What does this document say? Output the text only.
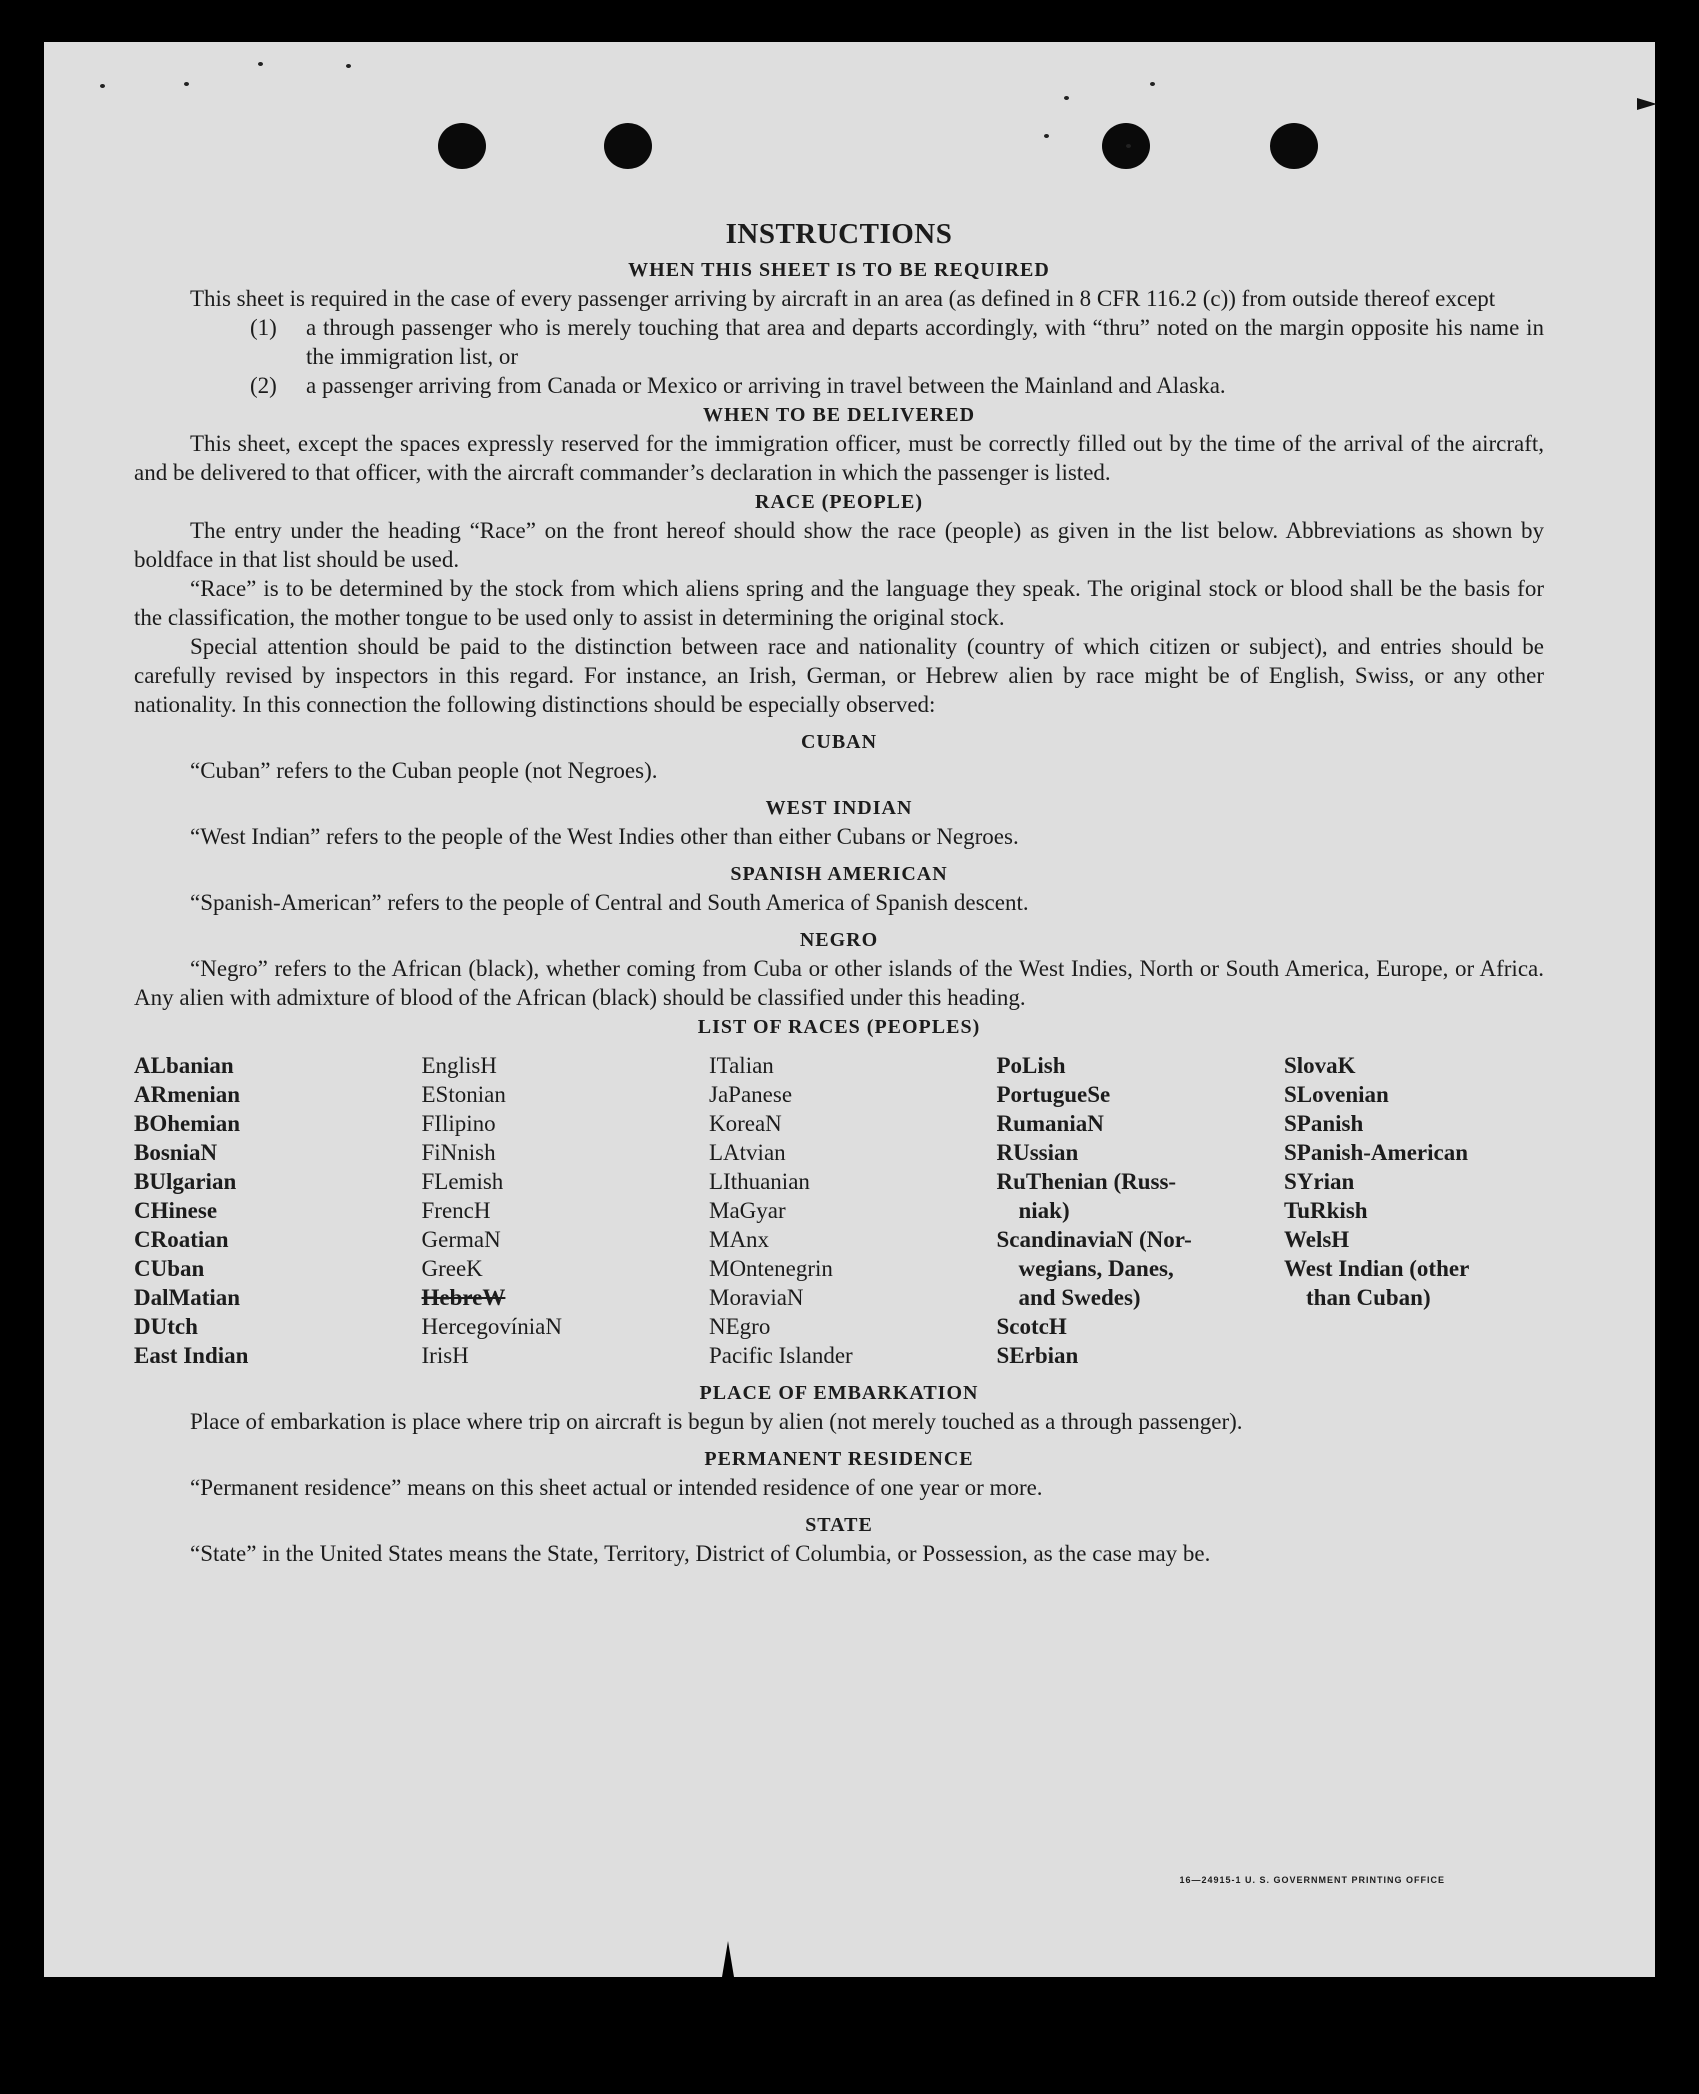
INSTRUCTIONS
WHEN THIS SHEET IS TO BE REQUIRED

This sheet is required in the case of every passenger arriving by aircraft in an area (as defined in 8 CFR 116.2 (c)) from outside thereof except

(1)	a through passenger who is merely touching that area and departs accordingly, with “thru” noted on the margin opposite his name in the immigration list, or
(2)	a passenger arriving from Canada or Mexico or arriving in travel between the Mainland and Alaska.
WHEN TO BE DELIVERED

This sheet, except the spaces expressly reserved for the immigration officer, must be correctly filled out by the time of the arrival of the aircraft, and be delivered to that officer, with the aircraft commander’s declaration in which the passenger is listed.

RACE (PEOPLE)

The entry under the heading “Race” on the front hereof should show the race (people) as given in the list below. Abbreviations as shown by boldface in that list should be used.

“Race” is to be determined by the stock from which aliens spring and the language they speak. The original stock or blood shall be the basis for the classification, the mother tongue to be used only to assist in determining the original stock.

Special attention should be paid to the distinction between race and nationality (country of which citizen or subject), and entries should be carefully revised by inspectors in this regard. For instance, an Irish, German, or Hebrew alien by race might be of English, Swiss, or any other nationality. In this connection the following distinctions should be especially observed:

CUBAN

“Cuban” refers to the Cuban people (not Negroes).

WEST INDIAN

“West Indian” refers to the people of the West Indies other than either Cubans or Negroes.

SPANISH AMERICAN

“Spanish-American” refers to the people of Central and South America of Spanish descent.

NEGRO

“Negro” refers to the African (black), whether coming from Cuba or other islands of the West Indies, North or South America, Europe, or Africa. Any alien with admixture of blood of the African (black) should be classified under this heading.

LIST OF RACES (PEOPLES)
ALbanian
ARmenian
BOhemian
BosniaN
BUlgarian
CHinese
CRoatian
CUban
DalMatian
DUtch
East Indian
EnglisH
EStonian
FIlipino
FiNnish
FLemish
FrencH
GermaN
GreeK
HebreW
HercegovíniaN
IrisH
ITalian
JaPanese
KoreaN
LAtvian
LIthuanian
MaGyar
MAnx
MOntenegrin
MoraviaN
NEgro
Pacific Islander
PoLish
PortugueSe
RumaniaN
RUssian
RuThenian (Russ-
niak)
ScandinaviaN (Nor-
wegians, Danes,
and Swedes)
ScotcH
SErbian
SlovaK
SLovenian
SPanish
SPanish-American
SYrian
TuRkish
WelsH
West Indian (other
than Cuban)
PLACE OF EMBARKATION

Place of embarkation is place where trip on aircraft is begun by alien (not merely touched as a through passenger).

PERMANENT RESIDENCE

“Permanent residence” means on this sheet actual or intended residence of one year or more.

STATE

“State” in the United States means the State, Territory, District of Columbia, or Possession, as the case may be.

16—24915-1 U. S. GOVERNMENT PRINTING OFFICE
